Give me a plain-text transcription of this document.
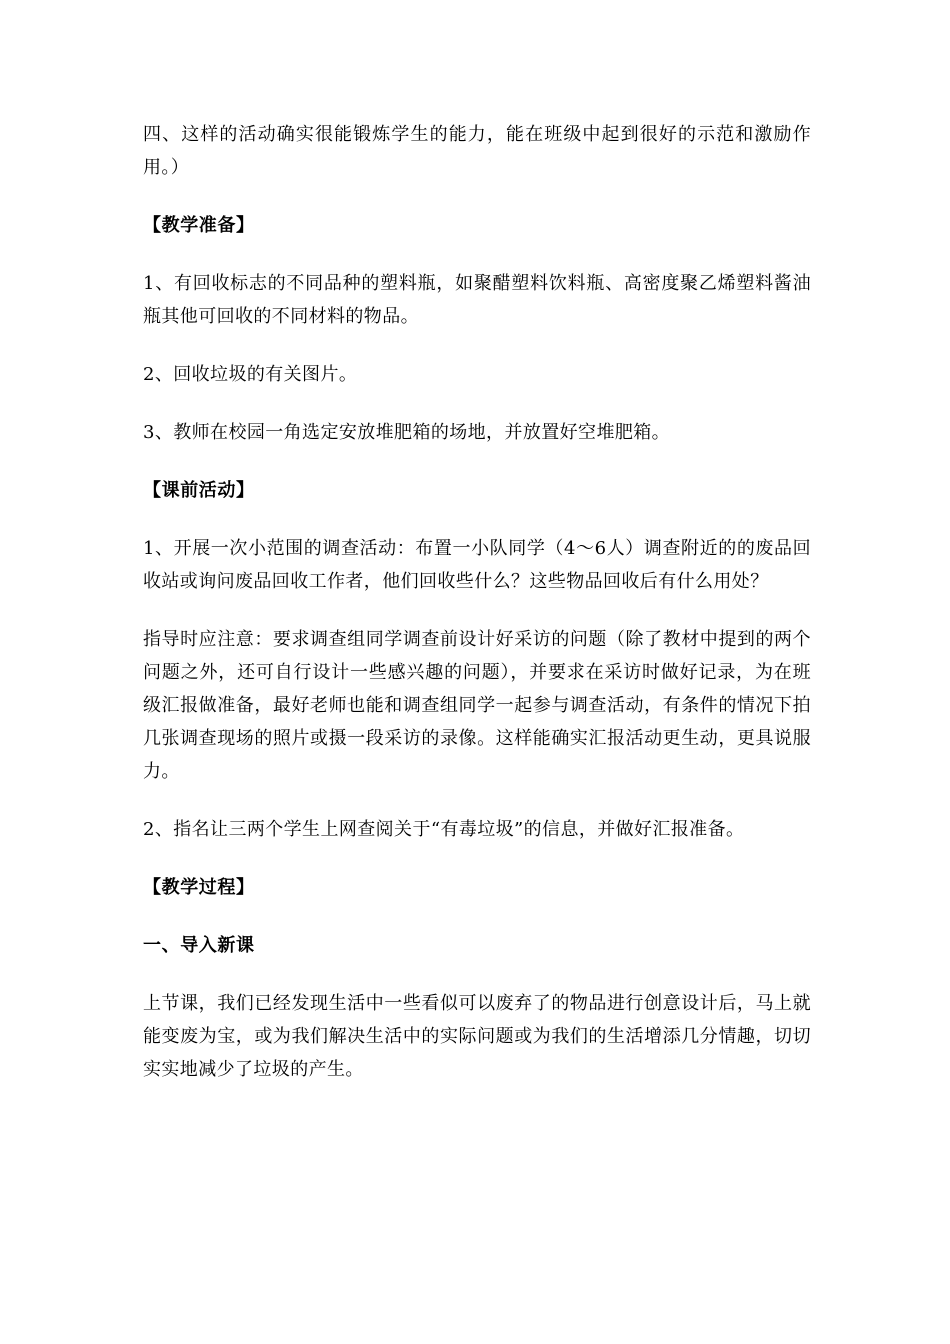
四、这样的活动确实很能锻炼学生的能力，能在班级中起到很好的示范和激励作用。）

【教学准备】

1、有回收标志的不同品种的塑料瓶，如聚醋塑料饮料瓶、高密度聚乙烯塑料酱油瓶其他可回收的不同材料的物品。

2、回收垃圾的有关图片。

3、教师在校园一角选定安放堆肥箱的场地，并放置好空堆肥箱。

【课前活动】

1、开展一次小范围的调查活动：布置一小队同学（4～6人）调查附近的的废品回收站或询问废品回收工作者，他们回收些什么？这些物品回收后有什么用处？

指导时应注意：要求调查组同学调查前设计好采访的问题（除了教材中提到的两个问题之外，还可自行设计一些感兴趣的问题），并要求在采访时做好记录，为在班级汇报做准备，最好老师也能和调查组同学一起参与调查活动，有条件的情况下拍几张调查现场的照片或摄一段采访的录像。这样能确实汇报活动更生动，更具说服力。

2、指名让三两个学生上网查阅关于“有毒垃圾”的信息，并做好汇报准备。

【教学过程】

一、导入新课

上节课，我们已经发现生活中一些看似可以废弃了的物品进行创意设计后，马上就能变废为宝，或为我们解决生活中的实际问题或为我们的生活增添几分情趣，切切实实地减少了垃圾的产生。
